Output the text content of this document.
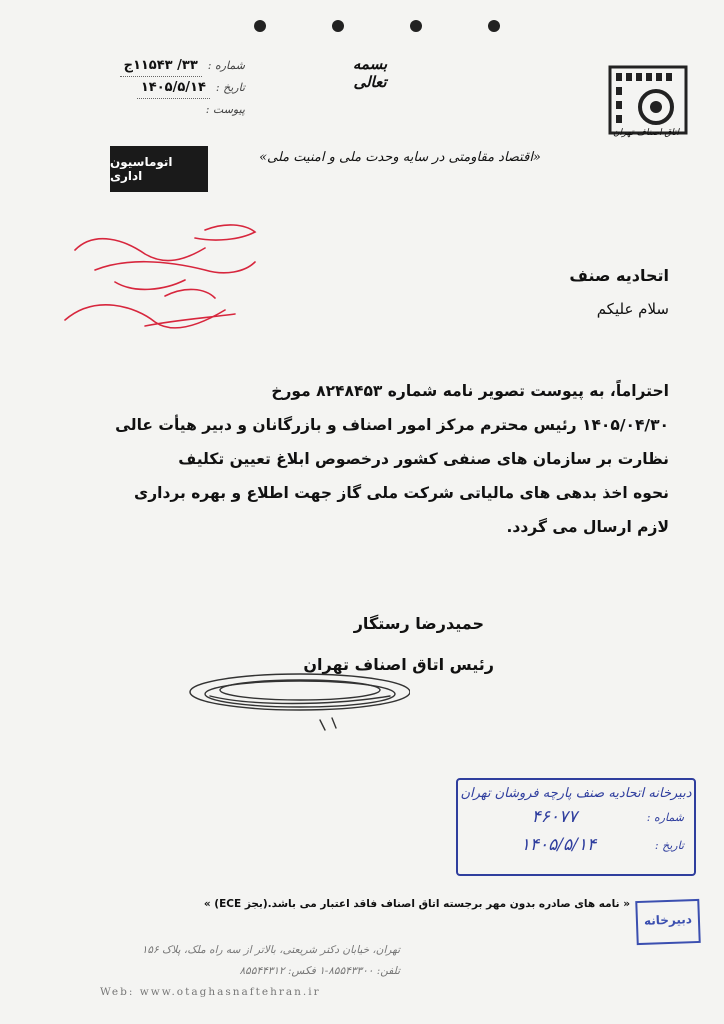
شماره :
۳۳/ ۱۱۵۴۳ج
تاریخ :
۱۴۰۵/۵/۱۴
پیوست :
بسمه تعالی
اتاق اصناف تهران
اتوماسیون اداری
«اقتصاد مقاومتی در سایه وحدت ملی و امنیت ملی»
اتحادیه صنف
سلام علیکم

احتراماً، به پیوست تصویر نامه شماره ۸۲۴۸۴۵۳ مورخ

۱۴۰۵/۰۴/۳۰ رئیس محترم مرکز امور اصناف و بازرگانان و دبیر هیأت عالی

نظارت بر سازمان های صنفی کشور درخصوص ابلاغ تعیین تکلیف

نحوه اخذ بدهی های مالیاتی شرکت ملی گاز جهت اطلاع و بهره برداری

لازم ارسال می گردد.

حمیدرضا رستگار
رئیس اتاق اصناف تهران
دبیرخانه اتحادیه صنف پارچه فروشان تهران
شماره :
۴۶۰۷۷
تاریخ :
۱۴۰۵/۵/۱۴
« نامه های صادره بدون مهر برجسته اتاق اصناف فاقد اعتبار می باشد.(بجز ECE) »
دبیرخانه
تهران، خیابان دکتر شریعتی، بالاتر از سه راه ملک، پلاک ۱۵۶
تلفن: ۸۵۵۴۳۳۰۰-۱ فکس: ۸۵۵۴۴۳۱۲
Web: www.otaghasnaftehran.ir
